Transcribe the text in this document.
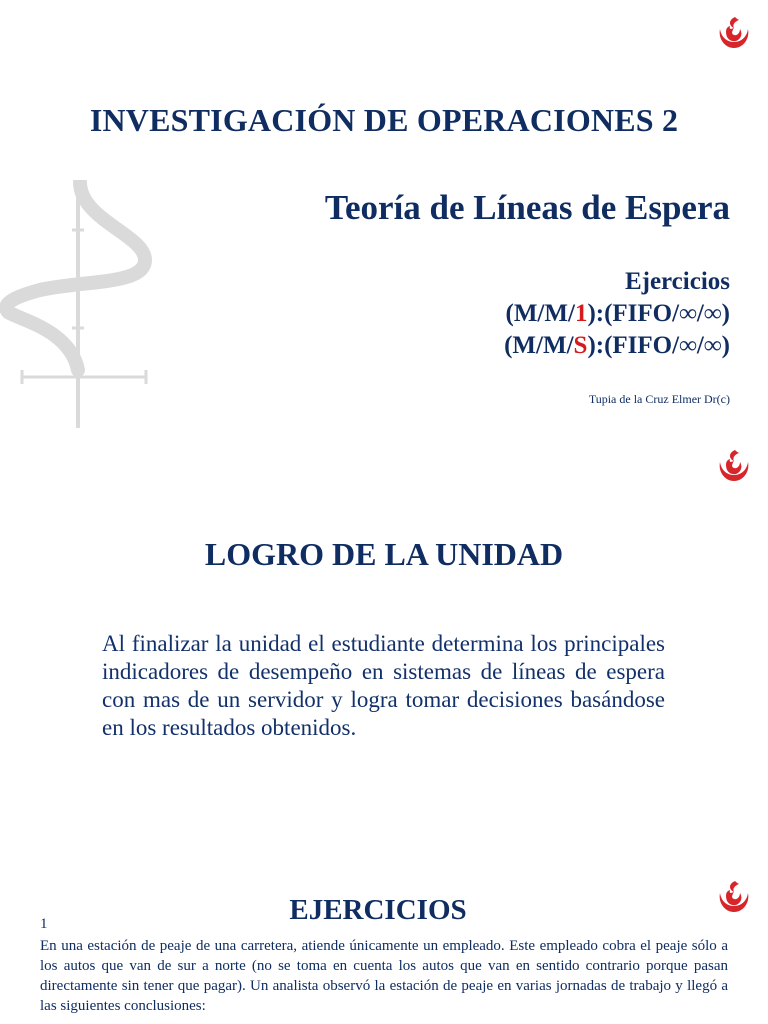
INVESTIGACIÓN DE OPERACIONES 2
Teoría de Líneas de Espera
Ejercicios
(M/M/1):(FIFO/∞/∞)
(M/M/S):(FIFO/∞/∞)
Tupia de la Cruz Elmer Dr(c)
LOGRO DE LA UNIDAD
Al finalizar la unidad el estudiante determina los principales indicadores de desempeño en sistemas de líneas de espera con mas de un servidor y logra tomar decisiones basándose en los resultados obtenidos.
EJERCICIOS
1
En una estación de peaje de una carretera, atiende únicamente un empleado. Este empleado cobra el peaje sólo a los autos que van de sur a norte (no se toma en cuenta los autos que van en sentido contrario porque pasan directamente sin tener que pagar). Un analista observó la estación de peaje en varias jornadas de trabajo y llegó a las siguientes conclusiones:
